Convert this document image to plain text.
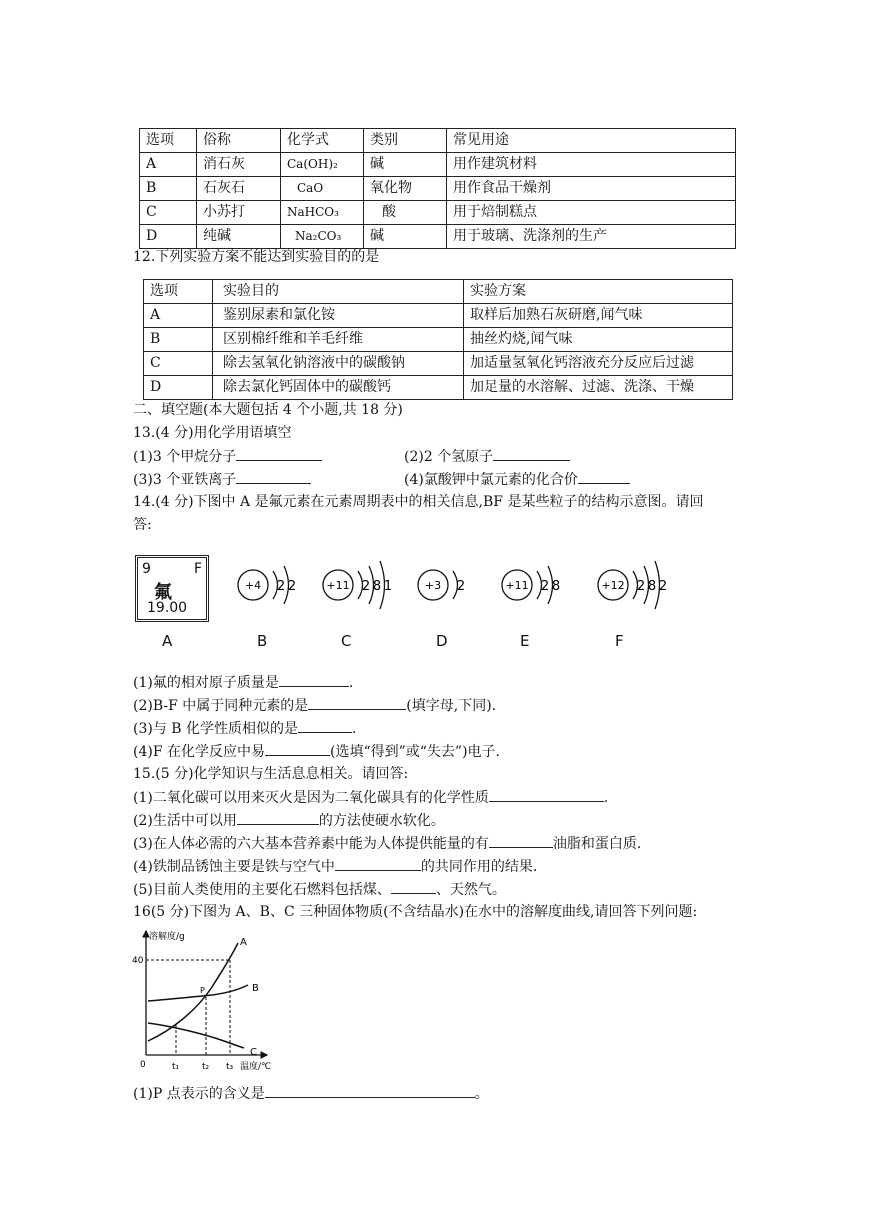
选项	俗称	化学式	类别	常见用途
A	消石灰	Ca(OH)₂	碱	用作建筑材料
B	石灰石	CaO	氧化物	用作食品干燥剂
C	小苏打	NaHCO₃	酸	用于焙制糕点
D	纯碱	Na₂CO₃	碱	用于玻璃、洗涤剂的生产
12.下列实验方案不能达到实验目的的是
选项	实验目的	实验方案
A	鉴别尿素和氯化铵	取样后加熟石灰研磨,闻气味
B	区别棉纤维和羊毛纤维	抽丝灼烧,闻气味
C	除去氢氧化钠溶液中的碳酸钠	加适量氢氧化钙溶液充分反应后过滤
D	除去氯化钙固体中的碳酸钙	加足量的水溶解、过滤、洗涤、干燥
二、填空题(本大题包括 4 个小题,共 18 分)
13.(4 分)用化学用语填空
(1)3 个甲烷分子	(2)2 个氢原子
(3)3 个亚铁离子	(4)氯酸钾中氯元素的化合价
14.(4 分)下图中 A 是氟元素在元素周期表中的相关信息,BF 是某些粒子的结构示意图。请回
答:
9	F
氟
19.00
A
+4 2 2	+11 2 8 1	+3 2	+11 2 8	+12 2 8 2
B	C	D	E	F
(1)氟的相对原子质量是	.
(2)B-F 中属于同种元素的是	(填字母,下同).
(3)与 B 化学性质相似的是	.
(4)F 在化学反应中易	(选填“得到”或“失去”)电子.
15.(5 分)化学知识与生活息息相关。请回答:
(1)二氧化碳可以用来灭火是因为二氧化碳具有的化学性质	.
(2)生活中可以用	的方法使硬水软化。
(3)在人体必需的六大基本营养素中能为人体提供能量的有	油脂和蛋白质.
(4)铁制品锈蚀主要是铁与空气中	的共同作用的结果.
(5)目前人类使用的主要化石燃料包括煤、	、天然气。
16(5 分)下图为 A、B、C 三种固体物质(不含结晶水)在水中的溶解度曲线,请回答下列问题:
溶解度/g
40
0	t₁	t₂ t₃ 温度/℃
A
B
C
P
(1)P 点表示的含义是	。
